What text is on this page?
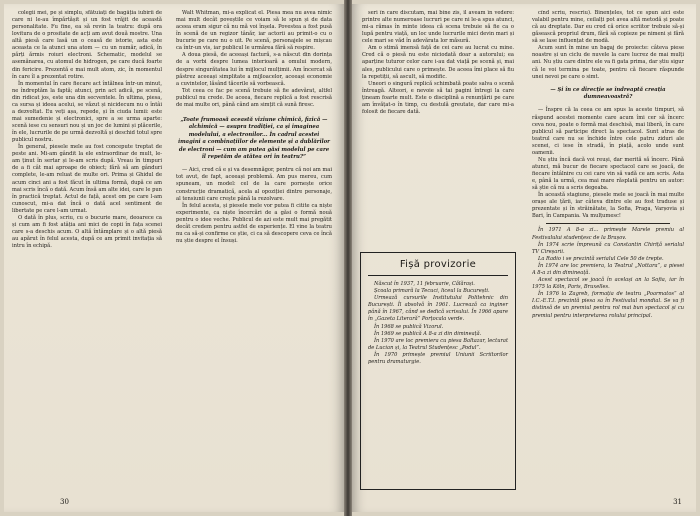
colegii mei, pe și simplu, sfătuiați de bagăția iubirii de care ni le-au împărtășit și un fost vrăjit de această personalitate. Fu fine, ea să revin la teatru: după ora lovitura de o prositate de acți am avut două mostre. Una altă piesă care lasă un o ceasă de istorie, asta este aceasta ce la atunci una atom — cu un număr, adică, în părți ărmis roiuri electroni. Schematic, modelul se asemănarea, cu atomul de hidrogen, pe care ducă foarte din fericire. Prezentă e mai mult atom, zic, în momentul în care îl a prezentat rotire.

În momentul în care fiecare act întălnea într-un minut, ne îndreptăm la faptă; atunci, prin act adică, pe scenă, din ridicat jos, este una din secventele. În ultima, piesa, ca sursa și ideea acelui, se văzut și nicidecum nu o întâi a dezvoltat. Eu veți așa, repede, și în ciuda lumii: este mai sumedenie și electronici, spre a se urma aparte: scenă iese cu sensuri nou și un joc de lumini și plăcerile, în ele, lucrurile de pe urmă dezvoltă și deschid totul spre publicul nostru.

În general, piesele mele au fost concepute treptat de peste ani. Mi-am gândit la ele extraordinar de mult, le-am ținut în sertar și le-am scris după. Vreau în timpuri de a fi cât mai aproape de obiect; fără să am gânduri complete, le-am reluat de multe ori. Prima și Ghidul de acum cinci ani a fost făcut în ultima formă, după ce am mai scris încă o dată. Acum însă am alte idei, care le pun în practică treptat. Actul de față, acest om pe care l-am cunoscut, mi-a dat încă o dată acel sentiment de libertate pe care l-am urmat.

O dată în plus, scriu, cu o bucurie mare, deoarece ca și cum am fi fost atâția ani mici de copii în fața scenei care s-a deschis acum. O altă întâmplare și o altă piesă au apărut în felul acesta, după ce am primit invitația să intru în echipă.

Walt Whitman, mi-a explicat el. Piesa mea nu avea nimic mai mult decât poveștile ce voiam să le spun și de data aceea eram sigur că nu mă voi înșela. Povestea a fost pusă în scenă de un regizor tânăr, iar actorii au primit-o cu o bucurie pe care nu o uit. Pe scenă, personajele se mișcau ca într-un vis, iar publicul le urmărea fără să respire.

A doua piesă, de aceeași factură, s-a născut din dorința de a vorbi despre lumea interioară a omului modern, despre singurătatea lui în mijlocul mulțimii. Am încercat să păstrez aceeași simplitate a mijloacelor, aceeași economie a cuvintelor, lăsând tăcerile să vorbească.

Tot ceea ce fac pe scenă trebuie să fie adevărat, altfel publicul nu crede. De aceea, fiecare replică a fost rescrisă de mai multe ori, până când am simțit că sună firesc.

„Toate frumoasă această viziune chimică, fizică — alchimică — asupra tradiției, ca și imaginea modelului, a electronilor... În cadrul acestei imagini a combinațiilor de elemente și a dublărilor de electroni — cum am putea găsi modelul pe care îl repetăm de atâtea ori în teatru?”

— Aici, cred că e și va desemnăgor, pentru că noi am mai tot avut, de fapt, aceeași problemă. Am pus mereu, cum spuneam, un model: cel de la care pornește orice construcție dramatică, acela al opoziției dintre personaje, al tensiunii care crește până la rezolvare.

În felul acesta, și piesele mele vor putea fi citite ca niște experimente, ca niște încercări de a găsi o formă nouă pentru o idee veche. Publicul de azi este mult mai pregătit decât credem pentru astfel de experiențe. El vine la teatru nu ca să-și confirme ce știe, ci ca să descopere ceva ce încă nu știe despre el însuși.

30

seri în care discutam, mai bine zis, îl aveam în vedere: printre alte numeroase lucruri pe care ni le-a spus atunci, mi-a rămas în minte ideea că scena trebuie să fie ca o lupă pentru viață, un loc unde lucrurile mici devin mari și cele mari se văd în adevărata lor măsură.

Am o stimă imensă față de cei care au lucrat cu mine. Cred că o piesă nu este niciodată doar a autorului; ea aparține tuturor celor care i-au dat viață pe scenă și, mai ales, publicului care o primește. De aceea îmi place să fiu la repetiții, să ascult, să modific.

Uneori o singură replică schimbată poate salva o scenă întreagă. Alteori, e nevoie să tai pagini întregi la care țineam foarte mult. Este o disciplină a renunțării pe care am învățat-o în timp, cu destulă greutate, dar care mi-a folosit de fiecare dată.

Fișă provizorie

Născut în 1937, 11 februarie, Călărași.

Școala primară la Tecuci, liceul la București.

Urmează cursurile Institutului Politehnic din București. Îl absolvă în 1961. Lucrează ca inginer până în 1967, când se dedică scrisului. În 1966 apare în „Gazeta Literară” Porțocala verde.

În 1968 se publică Vizorul.

În 1969 se publică A 8-a zi din dimineață.

În 1970 are loc premiera cu piesa Baltazar, lecturat de Lucian și, la Teatrul Studențesc „Podul”.

În 1970 primește premiul Uniunii Scriitorilor pentru dramaturgie.

cînd scriu, rescriu). Binențeles, tot ce spun aici este valabil pentru mine, ceilalți pot avea altă metodă și poate că au dreptate. Dar eu cred că orice scriitor trebuie să-și găsească propriul drum, fără să copieze pe nimeni și fără să se lase influențat de modă.

Acum sunt în mine un bagaj de proiecte: câteva piese noastre și un ciclu de nuvele la care lucrez de mai mulți ani. Nu știu care dintre ele va fi gata prima, dar știu sigur că le voi termina pe toate, pentru că fiecare răspunde unei nevoi pe care o simt.

— Și în ce direcție se îndreaptă creația dumneavoastră?

— Înspre că la ceea ce am spus la aceste timpuri, să răspund acestei momente care acum îmi cer să încerc ceva nou, poate o formă mai deschisă, mai liberă, în care publicul să participe direct la spectacol. Sunt atras de teatrul care nu se închide între cele patru ziduri ale scenei, ci iese în stradă, în piață, acolo unde sunt oamenii.

Nu știu încă dacă voi reuși, dar merită să încerc. Până atunci, mă bucur de fiecare spectacol care se joacă, de fiecare întâlnire cu cei care vin să vadă ce am scris. Asta e, până la urmă, cea mai mare răsplată pentru un autor: să știe că nu a scris degeaba.

În această stagiune, piesele mele se joacă în mai multe orașe ale țării, iar câteva dintre ele au fost traduse și prezentate și în străinătate, la Sofia, Praga, Varșovia și Bari, în Campania. Va mulțumesc!

În 1971 A 8-a zi... primește Marele premiu al Festivalului studențesc de la Brașov.

În 1974 scrie împreună cu Constantin Chiriță serialul TV Cireșarii.

La Radio i se prezintă serialul Cele 50 de trepte.

În 1974 are loc premiera, la Teatrul „Nottara”, a piesei A 8-a zi din dimineață.

Acest spectacol se joacă în același an la Sofia, iar în 1975 la Köln, Paris, Bruxelles.

În 1976 la Zagreb, formația de teatru „Poarmatos” al I.C.-E.T.I. prezintă piesa sa în Festivalul mondial. Se va fi distinsă de un premiul pentru rol mai bun spectacol și cu premiul pentru interpretarea rolului principal.

31
